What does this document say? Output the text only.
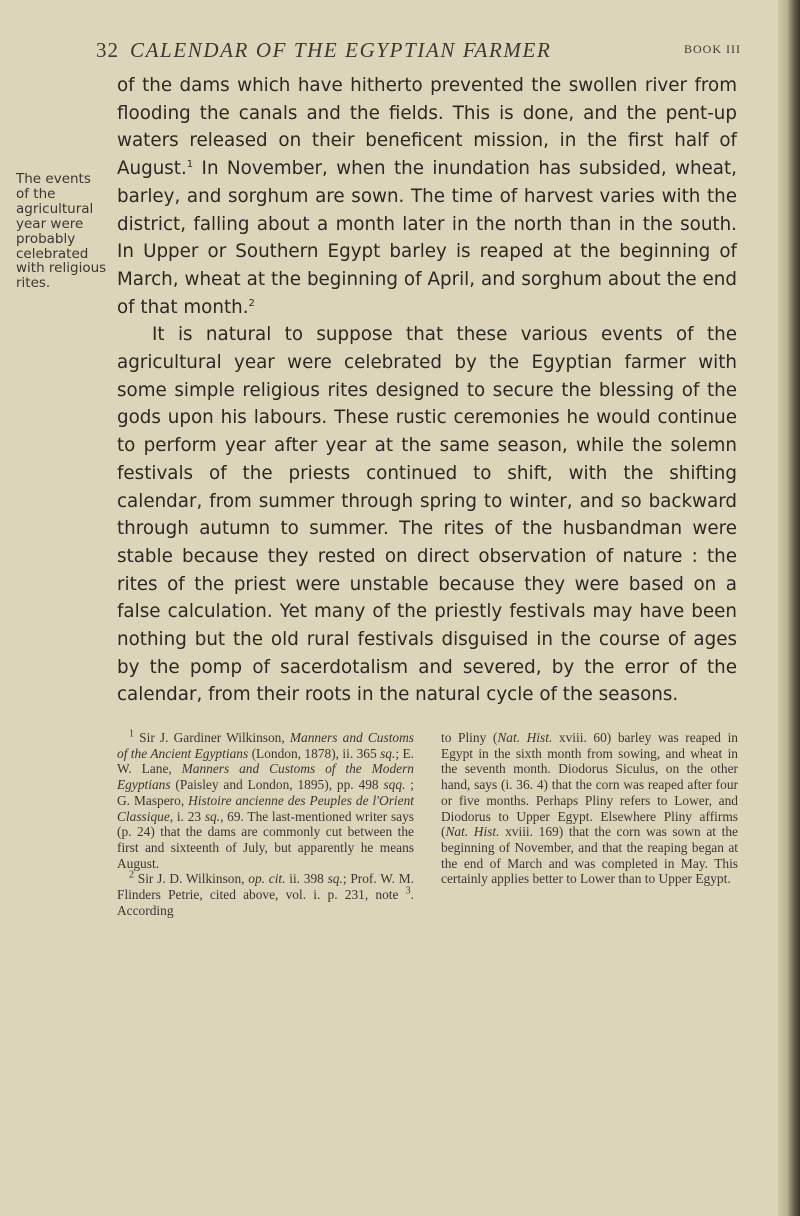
32 CALENDAR OF THE EGYPTIAN FARMER	BOOK III
The events of the agricultural year were probably celebrated with religious rites.

of the dams which have hitherto prevented the swollen river from flooding the canals and the fields. This is done, and the pent-up waters released on their beneficent mission, in the first half of August.$^1$ In November, when the inundation has subsided, wheat, barley, and sorghum are sown. The time of harvest varies with the district, falling about a month later in the north than in the south. In Upper or Southern Egypt barley is reaped at the beginning of March, wheat at the beginning of April, and sorghum about the end of that month.$^2$

It is natural to suppose that these various events of the agricultural year were celebrated by the Egyptian farmer with some simple religious rites designed to secure the blessing of the gods upon his labours. These rustic ceremonies he would continue to perform year after year at the same season, while the solemn festivals of the priests continued to shift, with the shifting calendar, from summer through spring to winter, and so backward through autumn to summer. The rites of the husbandman were stable because they rested on direct observation of nature : the rites of the priest were unstable because they were based on a false calculation. Yet many of the priestly festivals may have been nothing but the old rural festivals disguised in the course of ages by the pomp of sacerdotalism and severed, by the error of the calendar, from their roots in the natural cycle of the seasons.

$^1$ Sir J. Gardiner Wilkinson, Manners and Customs of the Ancient Egyptians (London, 1878), ii. 365 sq.; E. W. Lane, Manners and Customs of the Modern Egyptians (Paisley and London, 1895), pp. 498 sqq. ; G. Maspero, Histoire ancienne des Peuples de l'Orient Classique, i. 23 sq., 69. The last-mentioned writer says (p. 24) that the dams are commonly cut between the first and sixteenth of July, but apparently he means August.

$^2$ Sir J. D. Wilkinson, op. cit. ii. 398 sq.; Prof. W. M. Flinders Petrie, cited above, vol. i. p. 231, note $^3$. According

to Pliny (Nat. Hist. xviii. 60) barley was reaped in Egypt in the sixth month from sowing, and wheat in the seventh month. Diodorus Siculus, on the other hand, says (i. 36. 4) that the corn was reaped after four or five months. Perhaps Pliny refers to Lower, and Diodorus to Upper Egypt. Elsewhere Pliny affirms (Nat. Hist. xviii. 169) that the corn was sown at the beginning of November, and that the reaping began at the end of March and was completed in May. This certainly applies better to Lower than to Upper Egypt.
